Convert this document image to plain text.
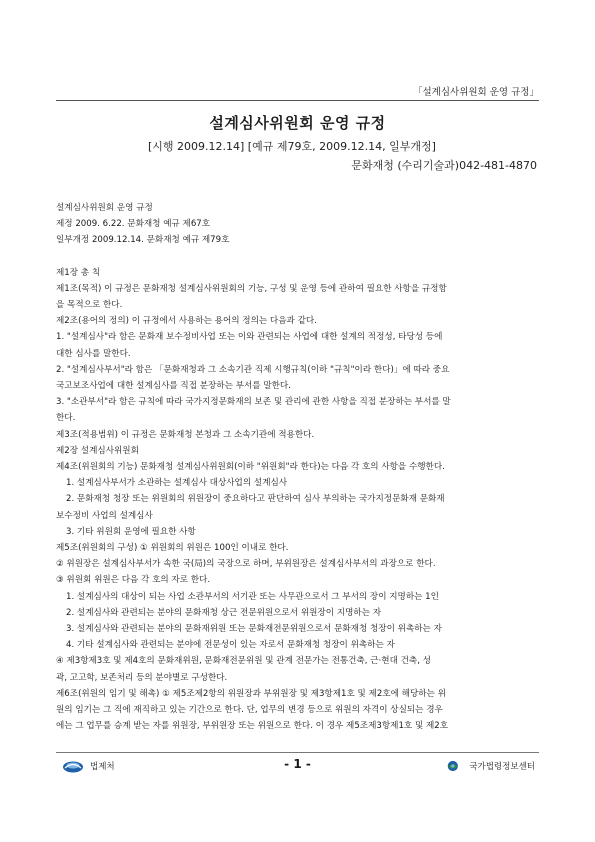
「설계심사위원회 운영 규정」
설계심사위원회 운영 규정
[시행 2009.12.14] [예규 제79호, 2009.12.14, 일부개정]
문화재청 (수리기술과)042-481-4870
설계심사위원회 운영 규정
제정 2009. 6.22. 문화재청 예규 제67호
일부개정 2009.12.14. 문화재청 예규 제79호
제1장 총 칙
제1조(목적) 이 규정은 문화재청 설계심사위원회의 기능, 구성 및 운영 등에 관하여 필요한 사항을 규정함
을 목적으로 한다.
제2조(용어의 정의) 이 규정에서 사용하는 용어의 정의는 다음과 같다.
1. "설계심사"라 함은 문화재 보수정비사업 또는 이와 관련되는 사업에 대한 설계의 적정성, 타당성 등에
대한 심사를 말한다.
2. "설계심사부서"라 함은 「문화재청과 그 소속기관 직제 시행규칙(이하 "규칙"이라 한다)」에 따라 중요
국고보조사업에 대한 설계심사를 직접 분장하는 부서를 말한다.
3. "소관부서"라 함은 규칙에 따라 국가지정문화재의 보존 및 관리에 관한 사항을 직접 분장하는 부서를 말
한다.
제3조(적용범위) 이 규정은 문화재청 본청과 그 소속기관에 적용한다.
제2장 설계심사위원회
제4조(위원회의 기능) 문화재청 설계심사위원회(이하 "위원회"라 한다)는 다음 각 호의 사항을 수행한다.
1. 설계심사부서가 소관하는 설계심사 대상사업의 설계심사
2. 문화재청 청장 또는 위원회의 위원장이 중요하다고 판단하여 심사 부의하는 국가지정문화재 문화재
보수정비 사업의 설계심사
3. 기타 위원회 운영에 필요한 사항
제5조(위원회의 구성) ① 위원회의 위원은 100인 이내로 한다.
② 위원장은 설계심사부서가 속한 국(局)의 국장으로 하며, 부위원장은 설계심사부서의 과장으로 한다.
③ 위원회 위원은 다음 각 호의 자로 한다.
1. 설계심사의 대상이 되는 사업 소관부서의 서기관 또는 사무관으로서 그 부서의 장이 지명하는 1인
2. 설계심사와 관련되는 분야의 문화재청 상근 전문위원으로서 위원장이 지명하는 자
3. 설계심사와 관련되는 분야의 문화재위원 또는 문화재전문위원으로서 문화재청 청장이 위촉하는 자
4. 기타 설계심사와 관련되는 분야에 전문성이 있는 자로서 문화재청 청장이 위촉하는 자
④ 제3항제3호 및 제4호의 문화재위원, 문화재전문위원 및 관계 전문가는 전통건축, 근·현대 건축, 성
곽, 고고학, 보존처리 등의 분야별로 구성한다.
제6조(위원의 임기 및 해촉) ① 제5조제2항의 위원장과 부위원장 및 제3항제1호 및 제2호에 해당하는 위
원의 임기는 그 직에 재직하고 있는 기간으로 한다. 단, 업무의 변경 등으로 위원의 자격이 상실되는 경우
에는 그 업무를 승계 받는 자를 위원장, 부위원장 또는 위원으로 한다. 이 경우 제5조제3항제1호 및 제2호
법제처	- 1 -	국가법령정보센터
